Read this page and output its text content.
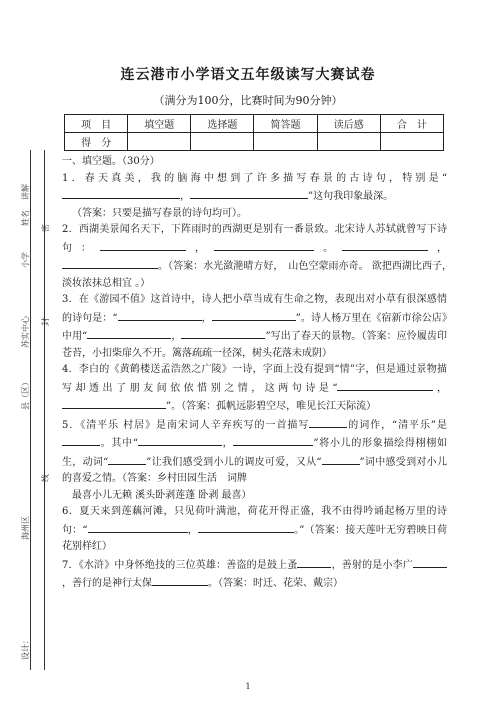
设计：
海州区
县（区）
苏实中心
小学
姓名
讲解
密
封
线
连云港市小学语文五年级读写大赛试卷
（满分为100分，比赛时间为90分钟）
项　目	填空题	选择题	简答题	读后感	合　计
得　分					

一、填空题。（30分）

1．春天真美，我的脑海中想到了许多描写春景的古诗句，特别是“，	”这句我印象最深。

（答案：只要是描写春景的诗句均可）。

2．西湖美景闻名天下，下阵雨时的西湖更是别有一番景致。北宋诗人苏轼就曾写下诗句：	，	。	，。（答案：水光潋滟晴方好，　山色空蒙雨亦奇。 欲把西湖比西子，　淡妆浓抹总相宜 。）

3．在《游园不值》这首诗中，诗人把小草当成有生命之物，表现出对小草有很深感情的诗句是：“	，	”。诗人杨万里在《宿新市徐公店》中用“	，	”写出了春天的景物。（答案：应怜履齿印苍苔，小扣柴扉久不开。篱落疏疏一径深，树头花落未成阴）

4．李白的《黄鹤楼送孟浩然之广陵》一诗，字面上没有提到“情”字，但是通过景物描写却透出了朋友间依依惜别之情，这两句诗是“	，”。（答案：孤帆远影碧空尽，唯见长江天际流）

5．《清平乐 村居》是南宋词人辛弃疾写的一首描写	的词作，“清平乐”是。其中“	，	”将小儿的形象描绘得栩栩如生，动词“	”让我们感受到小儿的调皮可爱，又从“	”词中感受到对小儿的喜爱之情。（答案：乡村田园生活　词牌

最喜小儿无赖 溪头卧剥莲蓬 卧剥 最喜）

6．夏天来到莲藕河滩，只见荷叶满池，荷花开得正盛，我不由得吟诵起杨万里的诗句：“	，	。”（答案：接天莲叶无穷碧映日荷花别样红）

7．《水浒》中身怀绝技的三位英雄：善盗的是鼓上蚤	，善射的是小李广，善行的是神行太保	。（答案：时迁、花荣、戴宗）

1
